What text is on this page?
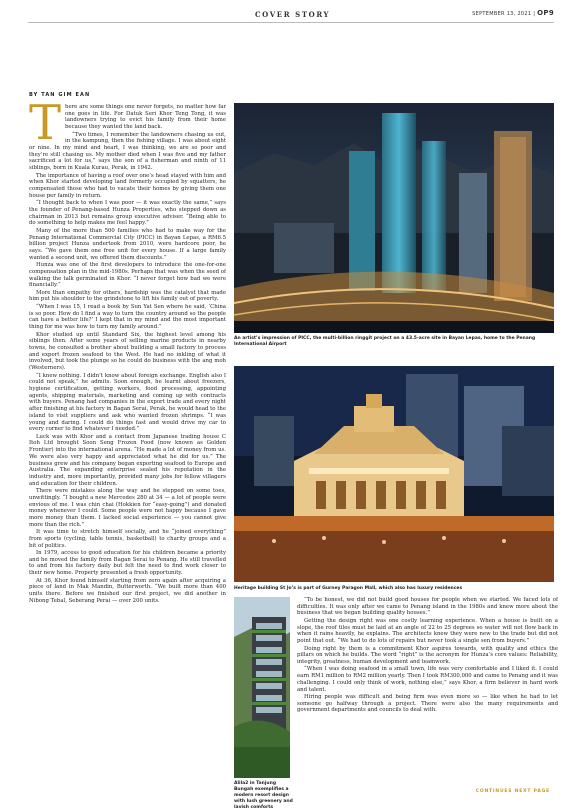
COVER STORY	SEPTEMBER 13, 2021 | OP9
BY TAN GIM EAN
T here are some things one never forgets, no matter how far one goes in life. For Datuk Seri Khor Teng Tong, it was landowners trying to evict his family from their home because they wanted the land back.

“Two times, I remember the landowners chasing us out, in the kampung, then the fishing village. I was about eight or nine. In my mind and heart, I was thinking, we are so poor and they’re still chasing us. My mother died when I was five and my father sacrificed a lot for us,” says the son of a fisherman and ninth of 11 siblings, born in Kuala Kurau, Perak, in 1942.

The importance of having a roof over one’s head stayed with him and when Khor started developing land formerly occupied by squatters, he compensated those who had to vacate their homes by giving them one house per family in return.

“I thought back to when I was poor — it was exactly the same,” says the founder of Penang-based Hunza Properties, who stepped down as chairman in 2013 but remains group executive adviser. “Being able to do something to help makes me feel happy.”

Many of the more than 500 families who had to make way for the Penang International Commercial City (PICC) in Bayan Lepas, a RM6.5 billion project Hunza undertook from 2010, were hardcore poor, he says. “We gave them one free unit for every house. If a large family wanted a second unit, we offered them discounts.”

Hunza was one of the first developers to introduce the one-for-one compensation plan in the mid-1980s. Perhaps that was when the seed of walking the talk germinated in Khor. “I never forget how bad we were financially.”

More than empathy for others, hardship was the catalyst that made him put his shoulder to the grindstone to lift his family out of poverty.

“When I was 15, I read a book by Sun Yat Sen where he said, ‘China is so poor. How do I find a way to turn the country around so the people can have a better life?’ I kept that in my mind and the most important thing for me was how to turn my family around.”

Khor studied up until Standard Six, the highest level among his siblings then. After some years of selling marine products in nearby towns, he consulted a brother about building a small factory to process and export frozen seafood to the West. He had no inkling of what it involved, but took the plunge so he could do business with the ang moh (Westerners).

“I knew nothing. I didn’t know about foreign exchange. English also I could not speak,” he admits. Soon enough, he learnt about freezers, hygiene certification, getting workers, food processing, appointing agents, shipping materials, marketing and coming up with contracts with buyers. Penang had companies in the export trade and every night after finishing at his factory in Bagan Serai, Perak, he would head to the island to visit suppliers and ask who wanted frozen shrimps. “I was young and daring. I could do things fast and would drive my car to every corner to find whatever I needed.”

Luck was with Khor and a contact from Japanese trading house C Itoh Ltd brought Soon Seng Frozen Food (now known as Golden Frontier) into the international arena. “He made a lot of money from us. We were also very happy and appreciated what he did for us.” The business grew and his company began exporting seafood to Europe and Australia. The expanding enterprise sealed his reputation in the industry and, more importantly, provided many jobs for fellow villagers and education for their children.

There were mistakes along the way and he stepped on some toes, unwittingly. “I bought a new Mercedes 280 at 34 — a lot of people were envious of me. I was chin chai (Hokkien for “easy-going”) and donated money whenever I could. Some people were not happy because I gave more money than them. I lacked social experience — you cannot give more than the rich.”

It was time to stretch himself socially, and he “joined everything” from sports (cycling, table tennis, basketball) to charity groups and a bit of politics.

In 1979, access to good education for his children became a priority and he moved the family from Bagan Serai to Penang. He still travelled to and from his factory daily but felt the need to find work closer to their new home. Property presented a fresh opportunity.

At 36, Khor found himself starting from zero again after acquiring a piece of land in Mak Mandin, Butterworth. “We built more than 400 units there. Before we finished our first project, we did another in Nibong Tebal, Seberang Perai — over 200 units.

An artist’s impression of PICC, the multi-billion ringgit project on a 43.5-acre site in Bayan Lepas, home to the Penang International Airport
Heritage building St Jo’s is part of Gurney Paragon Mall, which also has luxury residences
Alila2 in Tanjung Bungah exemplifies a modern resort design with lush greenery and lavish comforts

“To be honest, we did not build good houses for people when we started. We faced lots of difficulties. It was only after we came to Penang island in the 1980s and knew more about the business that we began building quality houses.”

Getting the design right was one costly learning experience. When a house is built on a slope, the roof tiles must be laid at an angle of 22 to 25 degrees so water will not flow back in when it rains heavily, he explains. The architects knew they were new to the trade but did not point that out. “We had to do lots of repairs but never took a single sen from buyers.”

Doing right by them is a commitment Khor aspires towards, with quality and ethics the pillars on which he builds. The word “right” is the acronym for Hunza’s core values: Reliability, integrity, greatness, human development and teamwork.

“When I was doing seafood in a small town, life was very comfortable and I liked it. I could earn RM1 million to RM2 million yearly. Then I took RM300,000 and came to Penang and it was challenging. I could only think of work, nothing else,” says Khor, a firm believer in hard work and talent.

Hiring people was difficult and being firm was even more so — like when he had to let someone go halfway through a project. There were also the many requirements and government departments and councils to deal with.

CONTINUES NEXT PAGE
